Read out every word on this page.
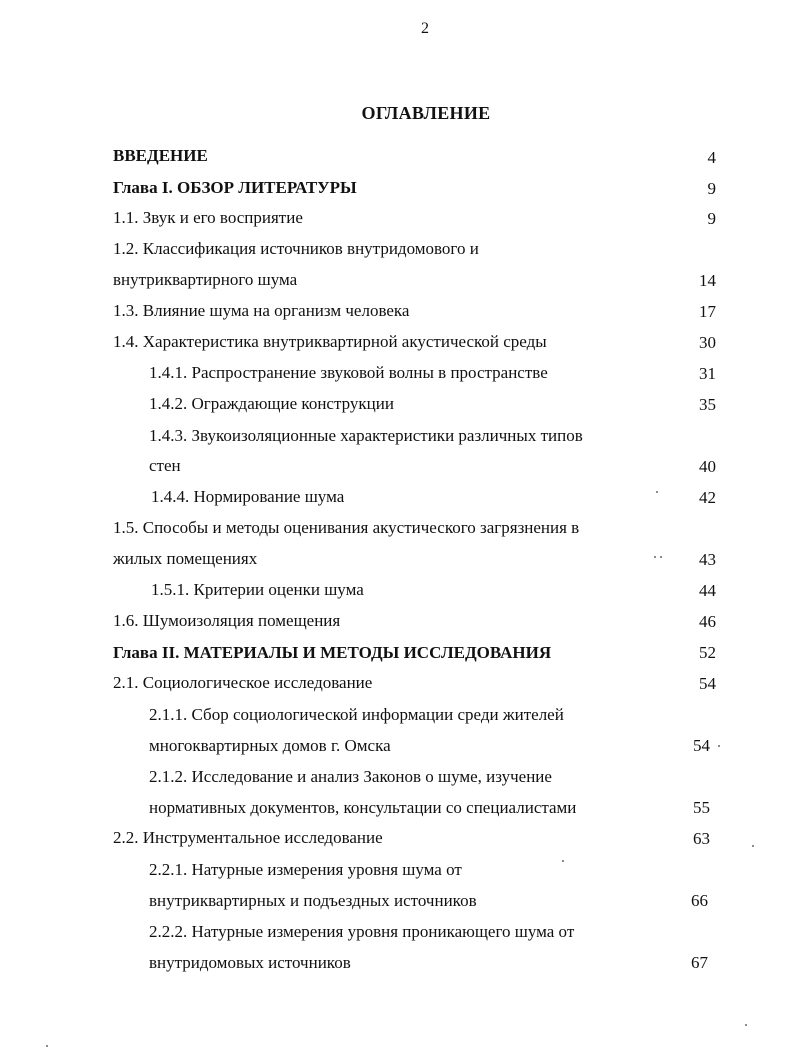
2
ОГЛАВЛЕНИЕ
ВВЕДЕНИЕ	4
Глава I. ОБЗОР ЛИТЕРАТУРЫ	9
1.1. Звук и его восприятие	9
1.2. Классификация источников внутридомового и
внутриквартирного шума	14
1.3. Влияние шума на организм человека	17
1.4. Характеристика внутриквартирной акустической среды	30
1.4.1. Распространение звуковой волны в пространстве	31
1.4.2. Ограждающие конструкции	35
1.4.3. Звукоизоляционные характеристики различных типов
стен	40
1.4.4. Нормирование шума	42
1.5. Способы и методы оценивания акустического загрязнения в
жилых помещениях	43
1.5.1. Критерии оценки шума	44
1.6. Шумоизоляция помещения	46
Глава II. МАТЕРИАЛЫ И МЕТОДЫ ИССЛЕДОВАНИЯ	52
2.1. Социологическое исследование	54
2.1.1. Сбор социологической информации среди жителей
многоквартирных домов г. Омска	54
2.1.2. Исследование и анализ Законов о шуме, изучение
нормативных документов, консультации со специалистами	55
2.2. Инструментальное исследование	63
2.2.1. Натурные измерения уровня шума от
внутриквартирных и подъездных источников	66
2.2.2. Натурные измерения уровня проникающего шума от
внутридомовых источников	67
